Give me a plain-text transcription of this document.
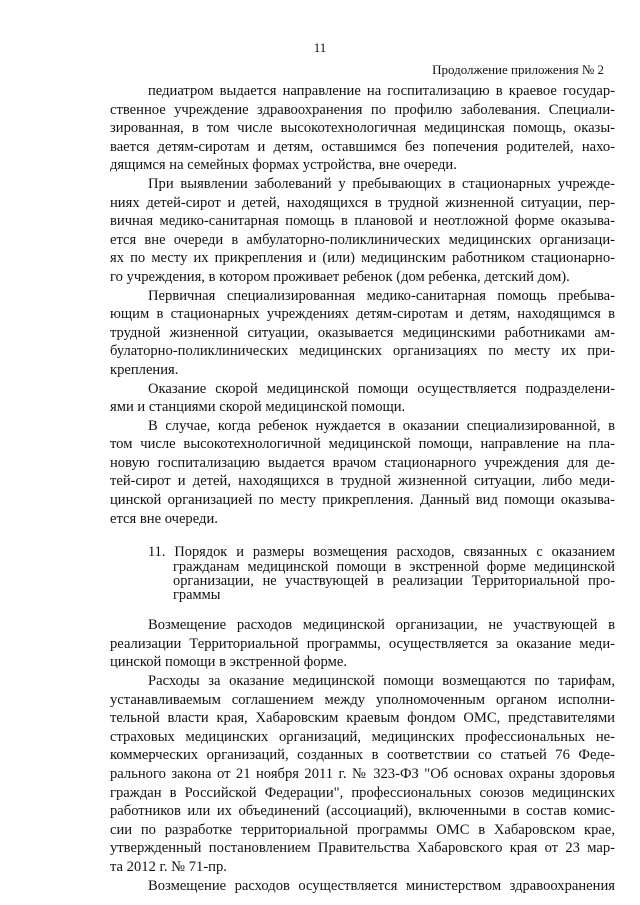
11
Продолжение приложения № 2
педиатром выдается направление на госпитализацию в краевое государ-
ственное учреждение здравоохранения по профилю заболевания. Специали-
зированная, в том числе высокотехнологичная медицинская помощь, оказы-
вается детям-сиротам и детям, оставшимся без попечения родителей, нахо-
дящимся на семейных формах устройства, вне очереди.
При выявлении заболеваний у пребывающих в стационарных учрежде-
ниях детей-сирот и детей, находящихся в трудной жизненной ситуации, пер-
вичная медико-санитарная помощь в плановой и неотложной форме оказыва-
ется вне очереди в амбулаторно-поликлинических медицинских организаци-
ях по месту их прикрепления и (или) медицинским работником стационарно-
го учреждения, в котором проживает ребенок (дом ребенка, детский дом).
Первичная специализированная медико-санитарная помощь пребыва-
ющим в стационарных учреждениях детям-сиротам и детям, находящимся в
трудной жизненной ситуации, оказывается медицинскими работниками ам-
булаторно-поликлинических медицинских организациях по месту их при-
крепления.
Оказание скорой медицинской помощи осуществляется подразделени-
ями и станциями скорой медицинской помощи.
В случае, когда ребенок нуждается в оказании специализированной, в
том числе высокотехнологичной медицинской помощи, направление на пла-
новую госпитализацию выдается врачом стационарного учреждения для де-
тей-сирот и детей, находящихся в трудной жизненной ситуации, либо меди-
цинской организацией по месту прикрепления. Данный вид помощи оказыва-
ется вне очереди.
11. Порядок и размеры возмещения расходов, связанных с оказанием
гражданам медицинской помощи в экстренной форме медицинской
организации, не участвующей в реализации Территориальной про-
граммы
Возмещение расходов медицинской организации, не участвующей в
реализации Территориальной программы, осуществляется за оказание меди-
цинской помощи в экстренной форме.
Расходы за оказание медицинской помощи возмещаются по тарифам,
устанавливаемым соглашением между уполномоченным органом исполни-
тельной власти края, Хабаровским краевым фондом ОМС, представителями
страховых медицинских организаций, медицинских профессиональных не-
коммерческих организаций, созданных в соответствии со статьей 76 Феде-
рального закона от 21 ноября 2011 г. № 323-ФЗ "Об основах охраны здоровья
граждан в Российской Федерации", профессиональных союзов медицинских
работников или их объединений (ассоциаций), включенными в состав комис-
сии по разработке территориальной программы ОМС в Хабаровском крае,
утвержденный постановлением Правительства Хабаровского края от 23 мар-
та 2012 г. № 71-пр.
Возмещение расходов осуществляется министерством здравоохранения
